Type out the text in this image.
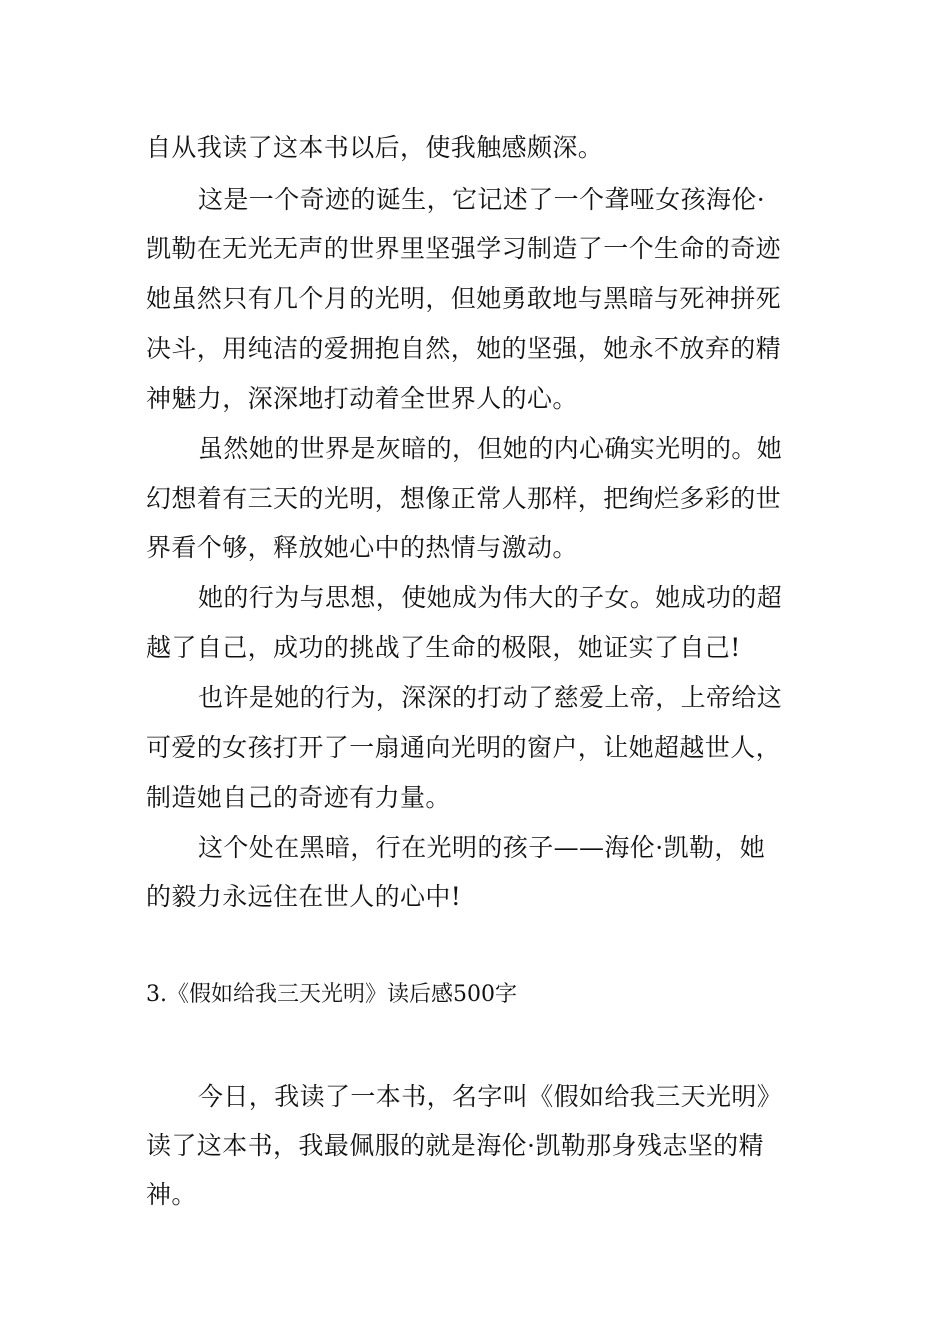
自从我读了这本书以后，使我触感颇深。
这是一个奇迹的诞生，它记述了一个聋哑女孩海伦·
凯勒在无光无声的世界里坚强学习制造了一个生命的奇迹
她虽然只有几个月的光明，但她勇敢地与黑暗与死神拼死
决斗，用纯洁的爱拥抱自然，她的坚强，她永不放弃的精
神魅力，深深地打动着全世界人的心。
虽然她的世界是灰暗的，但她的内心确实光明的。她
幻想着有三天的光明，想像正常人那样，把绚烂多彩的世
界看个够，释放她心中的热情与激动。
她的行为与思想，使她成为伟大的子女。她成功的超
越了自己，成功的挑战了生命的极限，她证实了自己!
也许是她的行为，深深的打动了慈爱上帝，上帝给这
可爱的女孩打开了一扇通向光明的窗户，让她超越世人，
制造她自己的奇迹有力量。
这个处在黑暗，行在光明的孩子——海伦·凯勒，她
的毅力永远住在世人的心中!
3.《假如给我三天光明》读后感500字
今日，我读了一本书，名字叫《假如给我三天光明》
读了这本书，我最佩服的就是海伦·凯勒那身残志坚的精
神。
